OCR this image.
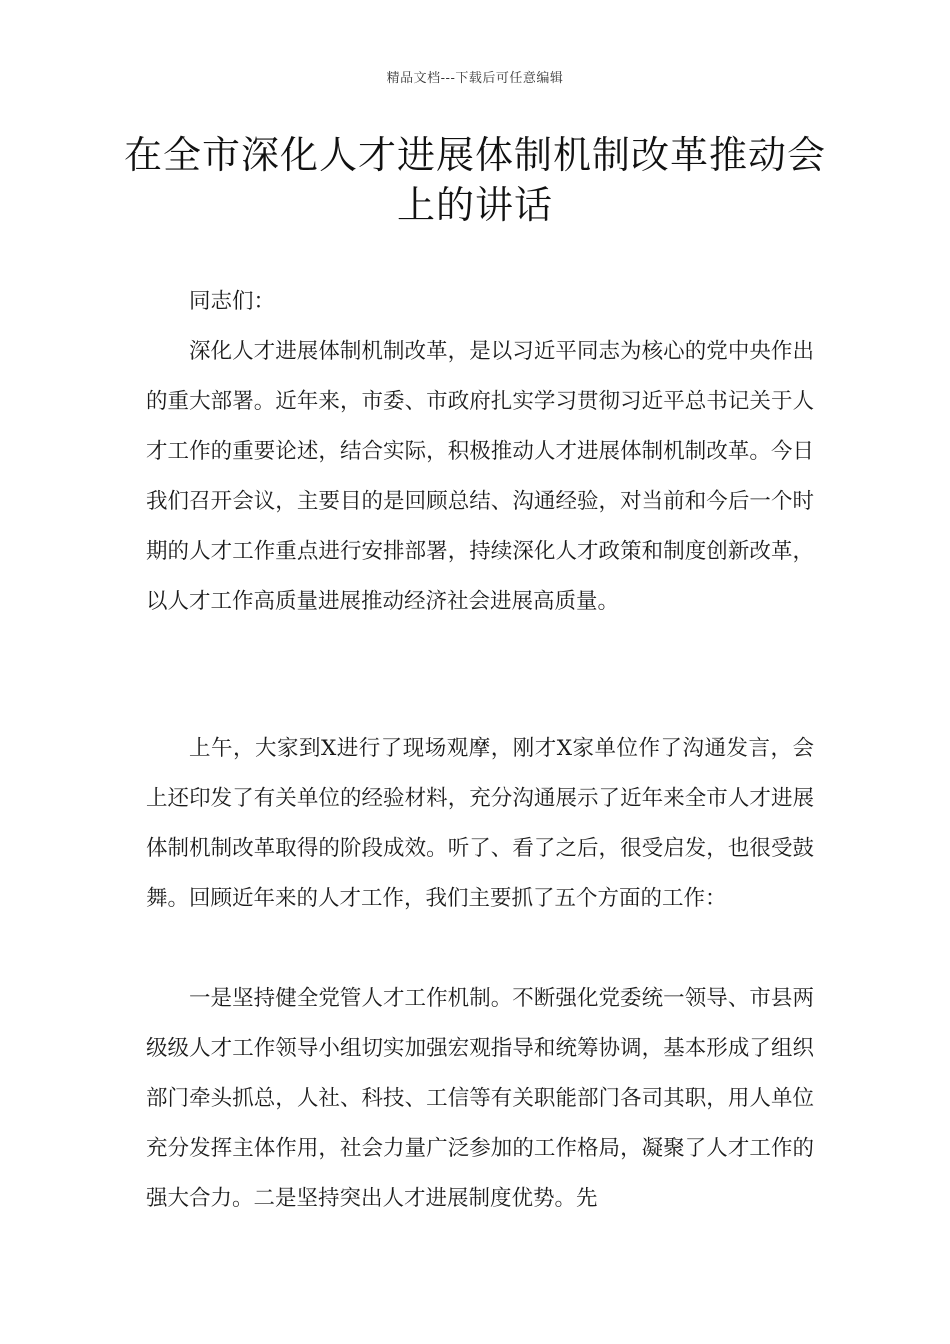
精品文档---下载后可任意编辑
在全市深化人才进展体制机制改革推动会上的讲话

同志们：

深化人才进展体制机制改革，是以习近平同志为核心的党中央作出的重大部署。近年来，市委、市政府扎实学习贯彻习近平总书记关于人才工作的重要论述，结合实际，积极推动人才进展体制机制改革。今日我们召开会议，主要目的是回顾总结、沟通经验，对当前和今后一个时期的人才工作重点进行安排部署，持续深化人才政策和制度创新改革，以人才工作高质量进展推动经济社会进展高质量。

上午，大家到X进行了现场观摩，刚才X家单位作了沟通发言，会上还印发了有关单位的经验材料，充分沟通展示了近年来全市人才进展体制机制改革取得的阶段成效。听了、看了之后，很受启发，也很受鼓舞。回顾近年来的人才工作，我们主要抓了五个方面的工作：

一是坚持健全党管人才工作机制。不断强化党委统一领导、市县两级级人才工作领导小组切实加强宏观指导和统筹协调，基本形成了组织部门牵头抓总，人社、科技、工信等有关职能部门各司其职，用人单位充分发挥主体作用，社会力量广泛参加的工作格局，凝聚了人才工作的强大合力。二是坚持突出人才进展制度优势。先
